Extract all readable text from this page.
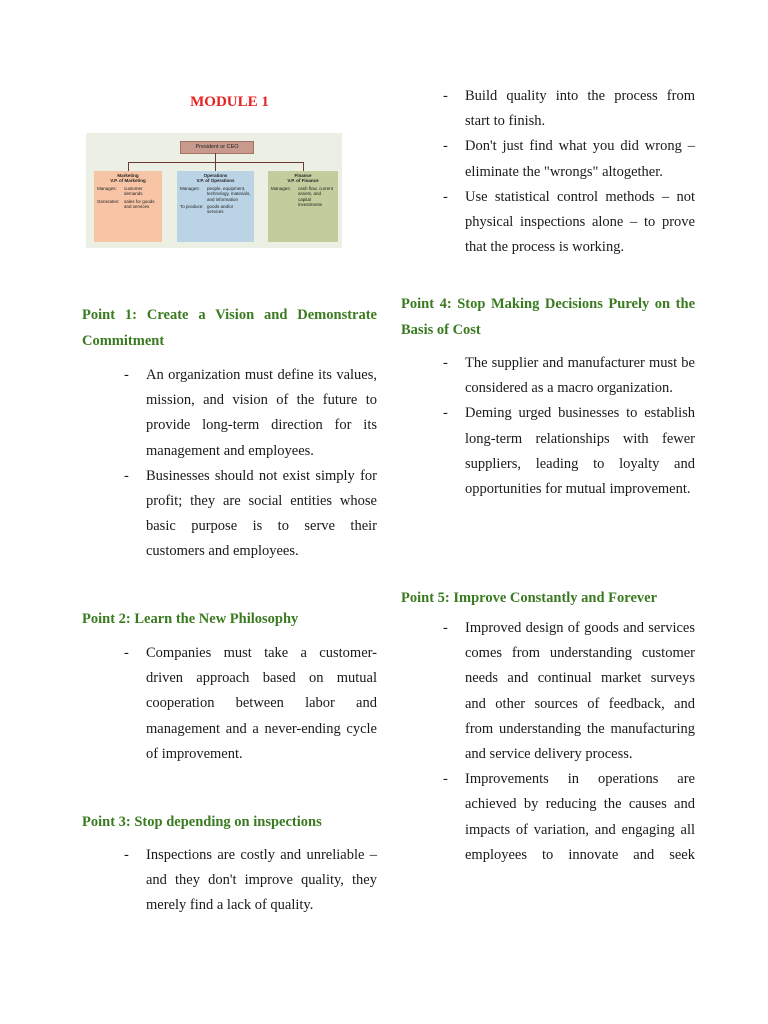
MODULE 1
President or CEO
Marketing
V.P. of Marketing
Manages:	customer demands
Generates:	sales for goods and services
Operations
V.P. of Operations
Manages:	people, equipment, technology, materials, and information
To produce: goods and/or services
Finance
V.P. of Finance
Manages:	cash flow, current assets, and capital investments
Point 1: Create a Vision and Demonstrate Commitment
- An organization must define its values, mission, and vision of the future to provide long-term direction for its management and employees.
- Businesses should not exist simply for profit; they are social entities whose basic purpose is to serve their customers and employees.
Point 2: Learn the New Philosophy
- Companies must take a customer-driven approach based on mutual cooperation between labor and management and a never-ending cycle of improvement.
Point 3: Stop depending on inspections
- Inspections are costly and unreliable – and they don't improve quality, they merely find a lack of quality.
- Build quality into the process from start to finish.
- Don't just find what you did wrong – eliminate the "wrongs" altogether.
- Use statistical control methods – not physical inspections alone – to prove that the process is working.
Point 4: Stop Making Decisions Purely on the Basis of Cost
- The supplier and manufacturer must be considered as a macro organization.
- Deming urged businesses to establish long-term relationships with fewer suppliers, leading to loyalty and opportunities for mutual improvement.
Point 5: Improve Constantly and Forever
- Improved design of goods and services comes from understanding customer needs and continual market surveys and other sources of feedback, and from understanding the manufacturing and service delivery process.
- Improvements in operations are achieved by reducing the causes and impacts of variation, and engaging all employees to innovate and seek
